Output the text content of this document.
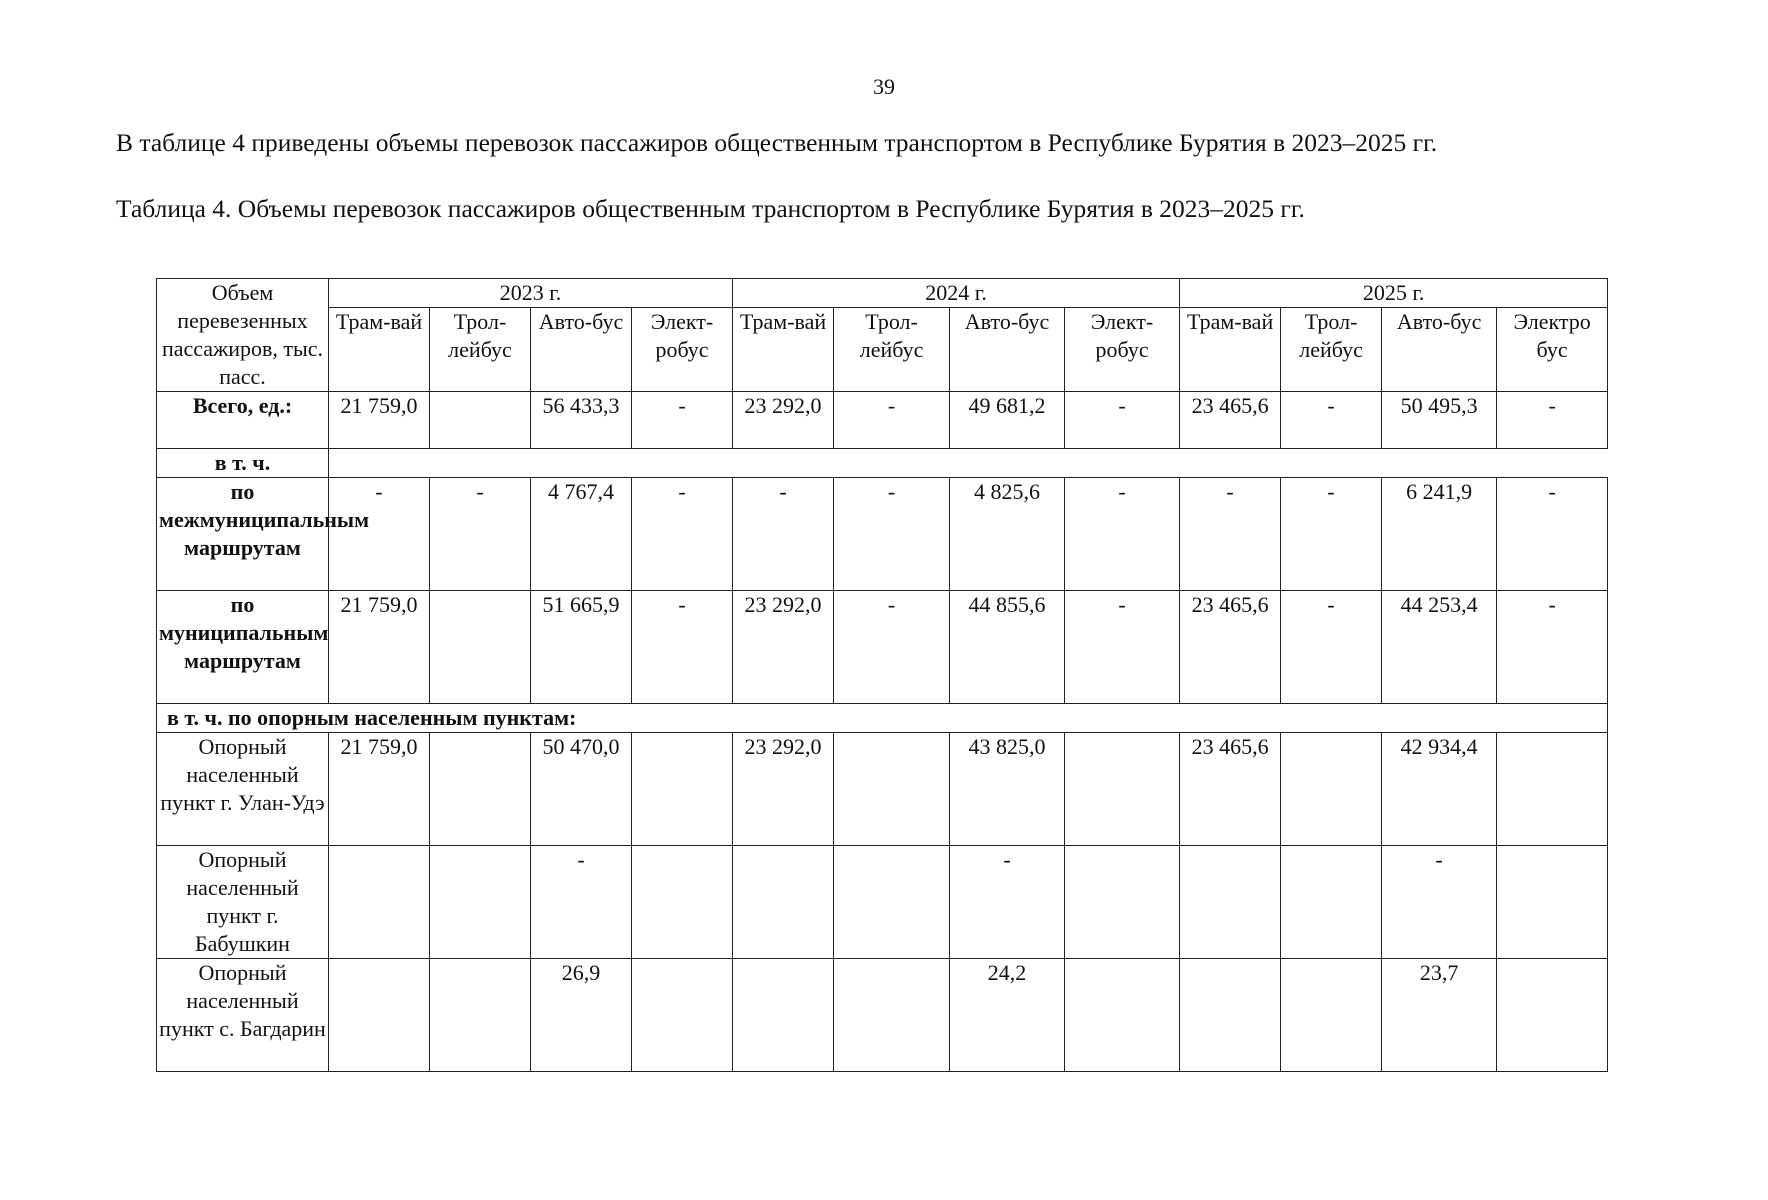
39
В таблице 4 приведены объемы перевозок пассажиров общественным транспортом в Республике Бурятия в 2023–2025 гг.
Таблица 4. Объемы перевозок пассажиров общественным транспортом в Республике Бурятия в 2023–2025 гг.
Объем перевезенных пассажиров, тыс. пасс.	2023 г.				2024 г.				2025 г.			
	Трам-вай	Трол-лейбус	Авто-бус	Элект-робус	Трам-вай	Трол-лейбус	Авто-бус	Элект-робус	Трам-вай	Трол-лейбус	Авто-бус	Электро бус
Всего, ед.:	21 759,0		56 433,3	-	23 292,0	-	49 681,2	-	23 465,6	-	50 495,3	-
в т. ч.												
по межмуниципальным маршрутам	-	-	4 767,4	-	-	-	4 825,6	-	-	-	6 241,9	-
по муниципальным маршрутам	21 759,0		51 665,9	-	23 292,0	-	44 855,6	-	23 465,6	-	44 253,4	-
в т. ч. по опорным населенным пунктам:												
Опорный населенный пункт г. Улан-Удэ	21 759,0		50 470,0		23 292,0		43 825,0		23 465,6		42 934,4	
Опорный населенный пункт г. Бабушкин			-				-				-	
Опорный населенный пункт с. Багдарин			26,9				24,2				23,7	
